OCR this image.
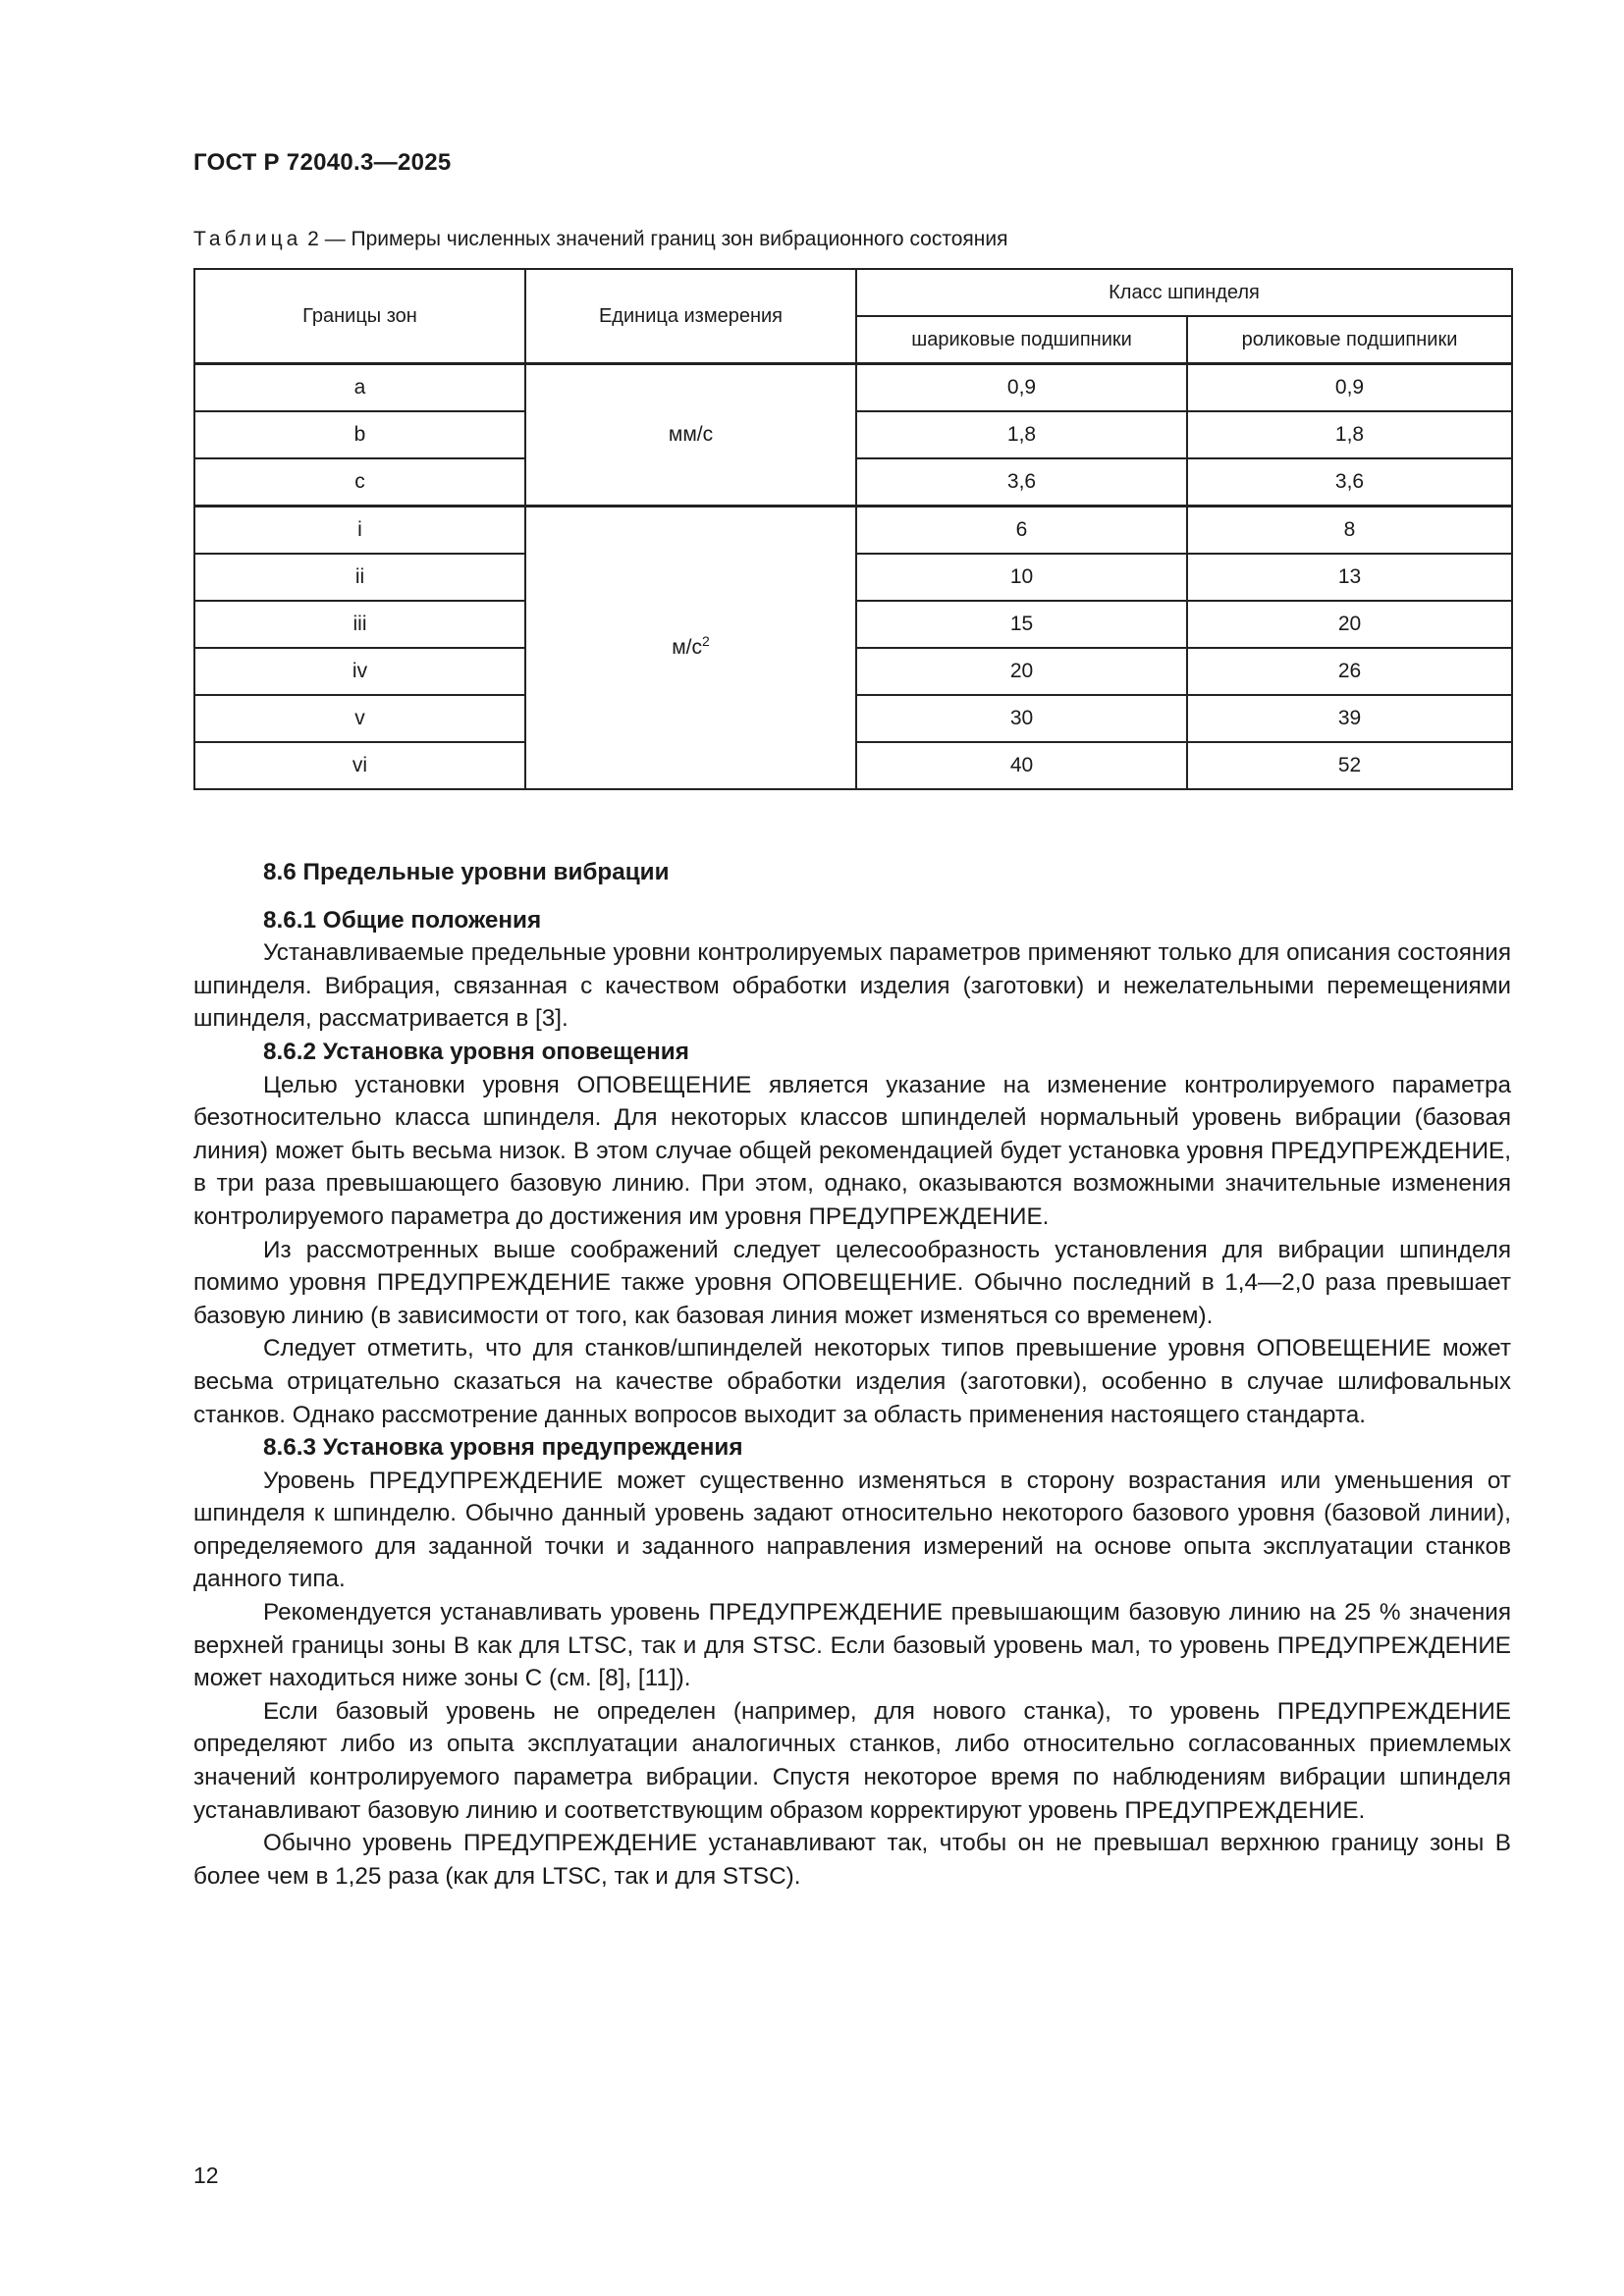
ГОСТ Р 72040.3—2025
Таблица 2 — Примеры численных значений границ зон вибрационного состояния
Границы зон	Единица измерения	Класс шпинделя	
		шариковые подшипники	роликовые подшипники
a	мм/с	0,9	0,9
b		1,8	1,8
c		3,6	3,6
i	$м/с^2$	6	8
ii		10	13
iii		15	20
iv		20	26
v		30	39
vi		40	52
8.6 Предельные уровни вибрации
8.6.1 Общие положения

Устанавливаемые предельные уровни контролируемых параметров применяют только для описания состояния шпинделя. Вибрация, связанная с качеством обработки изделия (заготовки) и нежелательными перемещениями шпинделя, рассматривается в [3].

8.6.2 Установка уровня оповещения

Целью установки уровня ОПОВЕЩЕНИЕ является указание на изменение контролируемого параметра безотносительно класса шпинделя. Для некоторых классов шпинделей нормальный уровень вибрации (базовая линия) может быть весьма низок. В этом случае общей рекомендацией будет установка уровня ПРЕДУПРЕЖДЕНИЕ, в три раза превышающего базовую линию. При этом, однако, оказываются возможными значительные изменения контролируемого параметра до достижения им уровня ПРЕДУПРЕЖДЕНИЕ.

Из рассмотренных выше соображений следует целесообразность установления для вибрации шпинделя помимо уровня ПРЕДУПРЕЖДЕНИЕ также уровня ОПОВЕЩЕНИЕ. Обычно последний в 1,4—2,0 раза превышает базовую линию (в зависимости от того, как базовая линия может изменяться со временем).

Следует отметить, что для станков/шпинделей некоторых типов превышение уровня ОПОВЕЩЕНИЕ может весьма отрицательно сказаться на качестве обработки изделия (заготовки), особенно в случае шлифовальных станков. Однако рассмотрение данных вопросов выходит за область применения настоящего стандарта.

8.6.3 Установка уровня предупреждения

Уровень ПРЕДУПРЕЖДЕНИЕ может существенно изменяться в сторону возрастания или уменьшения от шпинделя к шпинделю. Обычно данный уровень задают относительно некоторого базового уровня (базовой линии), определяемого для заданной точки и заданного направления измерений на основе опыта эксплуатации станков данного типа.

Рекомендуется устанавливать уровень ПРЕДУПРЕЖДЕНИЕ превышающим базовую линию на 25 % значения верхней границы зоны В как для LTSC, так и для STSC. Если базовый уровень мал, то уровень ПРЕДУПРЕЖДЕНИЕ может находиться ниже зоны С (см. [8], [11]).

Если базовый уровень не определен (например, для нового станка), то уровень ПРЕДУПРЕЖДЕНИЕ определяют либо из опыта эксплуатации аналогичных станков, либо относительно согласованных приемлемых значений контролируемого параметра вибрации. Спустя некоторое время по наблюдениям вибрации шпинделя устанавливают базовую линию и соответствующим образом корректируют уровень ПРЕДУПРЕЖДЕНИЕ.

Обычно уровень ПРЕДУПРЕЖДЕНИЕ устанавливают так, чтобы он не превышал верхнюю границу зоны В более чем в 1,25 раза (как для LTSC, так и для STSC).

12
